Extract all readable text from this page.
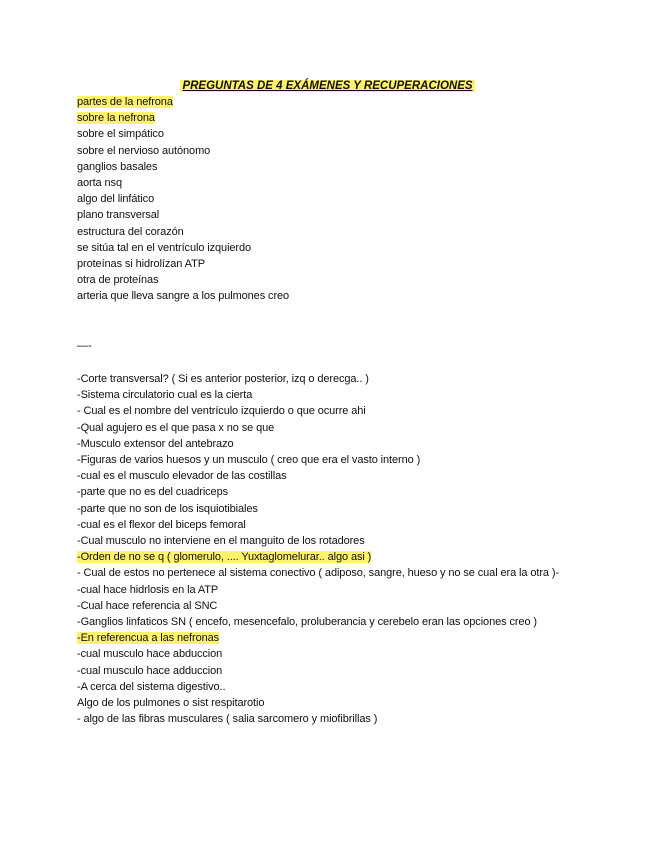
PREGUNTAS DE 4 EXÁMENES Y RECUPERACIONES
partes de la nefrona
sobre la nefrona
sobre el simpático
sobre el nervioso autónomo
ganglios basales
aorta nsq
algo del linfático
plano transversal
estructura del corazón
se sitúa tal en el ventrículo izquierdo
proteínas si hidrolízan ATP
otra de proteínas
arteria que lleva sangre a los pulmones creo
—-
-Corte transversal? ( Si es anterior posterior, izq o derecga.. )
-Sistema circulatorio cual es la cierta
- Cual es el nombre del ventrículo izquierdo o que ocurre ahi
-Qual agujero es el que pasa x no se que
-Musculo extensor del antebrazo
-Figuras de varios huesos y un musculo ( creo que era el vasto interno )
-cual es el musculo elevador de las costillas
-parte que no es del cuadriceps
-parte que no son de los isquiotibiales
-cual es el flexor del biceps femoral
-Cual musculo no interviene en el manguito de los rotadores
-Orden de no se q ( glomerulo, .... Yuxtaglomelurar.. algo asi )
- Cual de estos no pertenece al sistema conectivo ( adiposo, sangre, hueso y no se cual era la otra )-
-cual hace hidrlosis en la ATP
-Cual hace referencia al SNC
-Ganglios linfaticos SN ( encefo, mesencefalo, proluberancia y cerebelo eran las opciones creo )
-En referencua a las nefronas
-cual musculo hace abduccion
-cual musculo hace adduccion
-A cerca del sistema digestivo..
Algo de los pulmones o sist respitarotio
- algo de las fibras musculares ( salia sarcomero y miofibrillas )
